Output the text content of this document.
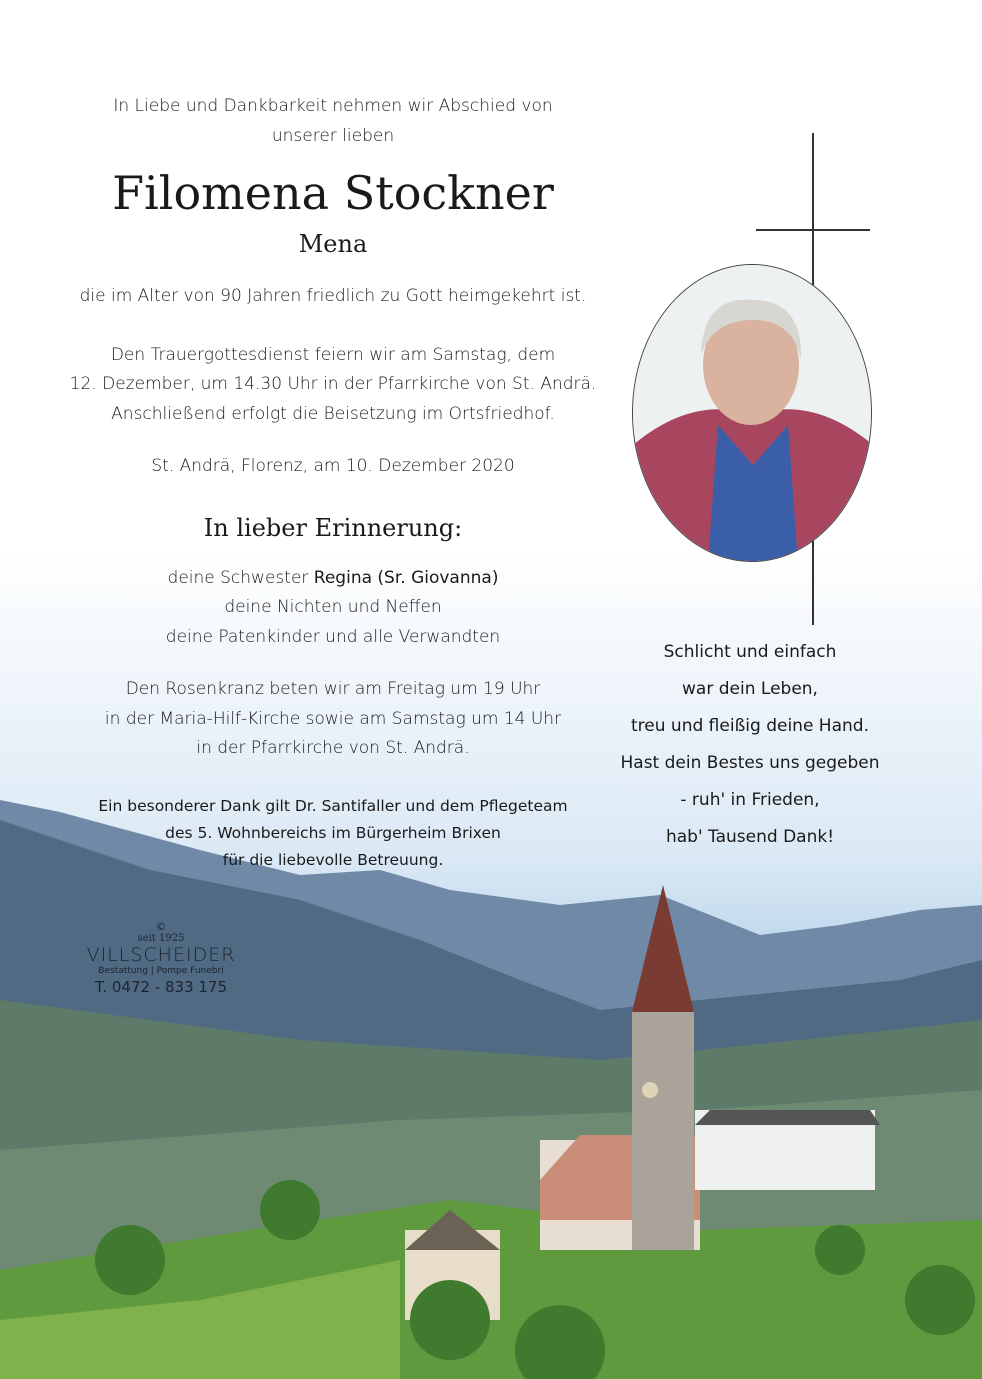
In Liebe und Dankbarkeit nehmen wir Abschied von
unserer lieben
Filomena Stockner
Mena
die im Alter von 90 Jahren friedlich zu Gott heimgekehrt ist.
Den Trauergottesdienst feiern wir am Samstag, dem
12. Dezember, um 14.30 Uhr in der Pfarrkirche von St. Andrä.
Anschließend erfolgt die Beisetzung im Ortsfriedhof.
St. Andrä, Florenz, am 10. Dezember 2020
In lieber Erinnerung:
deine Schwester Regina (Sr. Giovanna)
deine Nichten und Neffen
deine Patenkinder und alle Verwandten
Den Rosenkranz beten wir am Freitag um 19 Uhr
in der Maria-Hilf-Kirche sowie am Samstag um 14 Uhr
in der Pfarrkirche von St. Andrä.
Ein besonderer Dank gilt Dr. Santifaller und dem Pflegeteam
des 5. Wohnbereichs im Bürgerheim Brixen
für die liebevolle Betreuung.
Schlicht und einfach
war dein Leben,
treu und fleißig deine Hand.
Hast dein Bestes uns gegeben
- ruh' in Frieden,
hab' Tausend Dank!
©
seit 1925
VILLSCHEIDER
Bestattung | Pompe Funebri
T. 0472 - 833 175
